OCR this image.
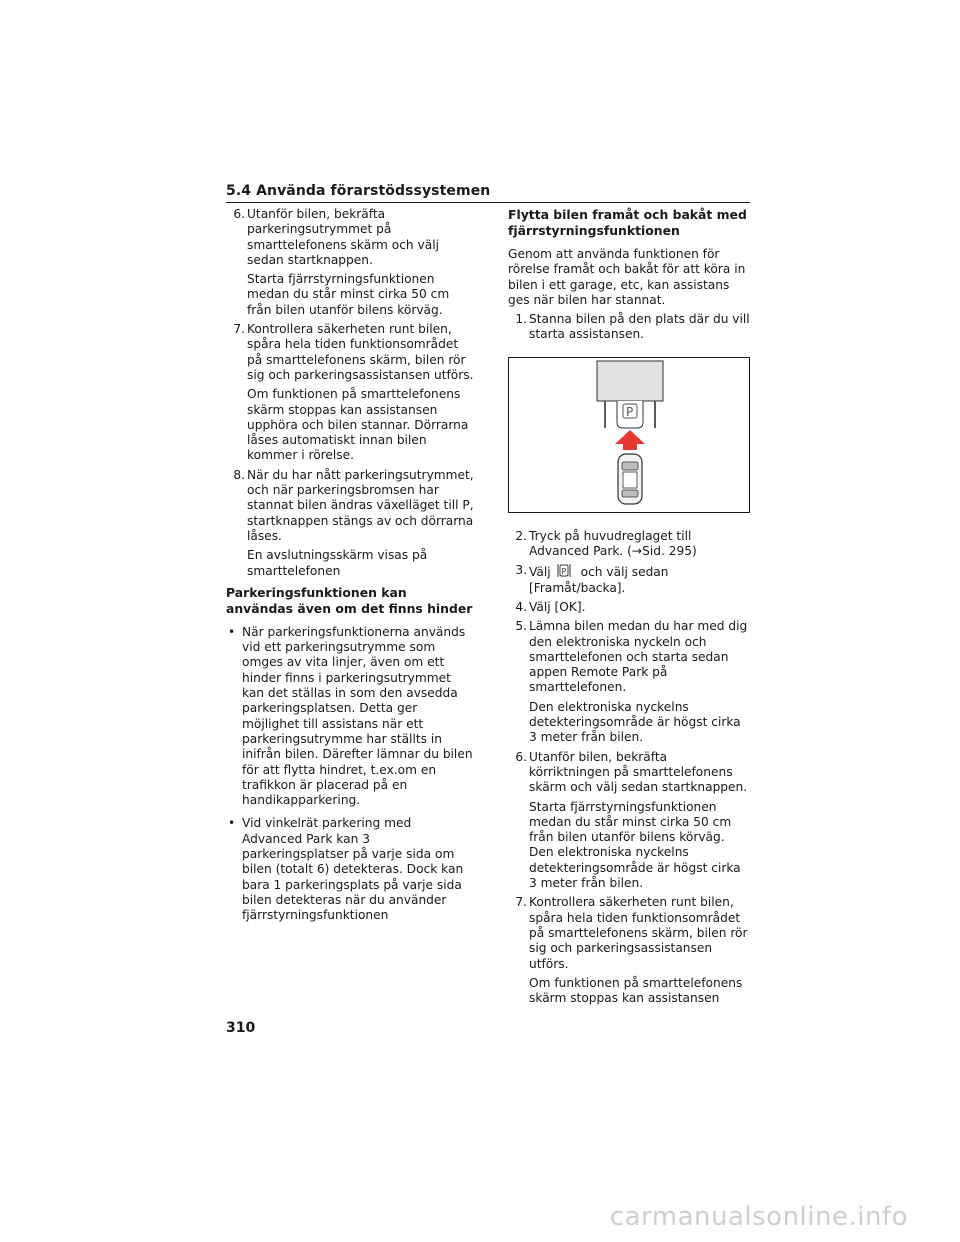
5.4 Använda förarstödssystemen
6. Utanför bilen, bekräfta parkeringsutrymmet på smarttelefonens skärm och välj sedan startknappen.

Starta fjärrstyrningsfunktionen medan du står minst cirka 50 cm från bilen utanför bilens körväg.

7. Kontrollera säkerheten runt bilen, spåra hela tiden funktionsområdet på smarttelefonens skärm, bilen rör sig och parkeringsassistansen utförs.

Om funktionen på smarttelefonens skärm stoppas kan assistansen upphöra och bilen stannar. Dörrarna låses automatiskt innan bilen kommer i rörelse.

8. När du har nått parkeringsutrymmet, och när parkeringsbromsen har stannat bilen ändras växelläget till P, startknappen stängs av och dörrarna låses.

En avslutningsskärm visas på smarttelefonen

Parkeringsfunktionen kan användas även om det finns hinder
• När parkeringsfunktionerna används vid ett parkeringsutrymme som omges av vita linjer, även om ett hinder finns i parkeringsutrymmet kan det ställas in som den avsedda parkeringsplatsen. Detta ger möjlighet till assistans när ett parkeringsutrymme har ställts in inifrån bilen. Därefter lämnar du bilen för att flytta hindret, t.ex.om en trafikkon är placerad på en handikapparkering.
• Vid vinkelrät parkering med Advanced Park kan 3 parkeringsplatser på varje sida om bilen (totalt 6) detekteras. Dock kan bara 1 parkeringsplats på varje sida bilen detekteras när du använder fjärrstyrningsfunktionen
Flytta bilen framåt och bakåt med fjärrstyrningsfunktionen

Genom att använda funktionen för rörelse framåt och bakåt för att köra in bilen i ett garage, etc, kan assistans ges när bilen har stannat.

1. Stanna bilen på den plats där du vill starta assistansen.

P
2. Tryck på huvudreglaget till Advanced Park. (→Sid. 295)

3. Välj P och välj sedan [Framåt/backa].

4. Välj [OK].

5. Lämna bilen medan du har med dig den elektroniska nyckeln och smarttelefonen och starta sedan appen Remote Park på smarttelefonen.

Den elektroniska nyckelns detekteringsområde är högst cirka 3 meter från bilen.

6. Utanför bilen, bekräfta körriktningen på smarttelefonens skärm och välj sedan startknappen.

Starta fjärrstyrningsfunktionen medan du står minst cirka 50 cm från bilen utanför bilens körväg. Den elektroniska nyckelns detekteringsområde är högst cirka 3 meter från bilen.

7. Kontrollera säkerheten runt bilen, spåra hela tiden funktionsområdet på smarttelefonens skärm, bilen rör sig och parkeringsassistansen utförs.

Om funktionen på smarttelefonens skärm stoppas kan assistansen

310
carmanualsonline.info
